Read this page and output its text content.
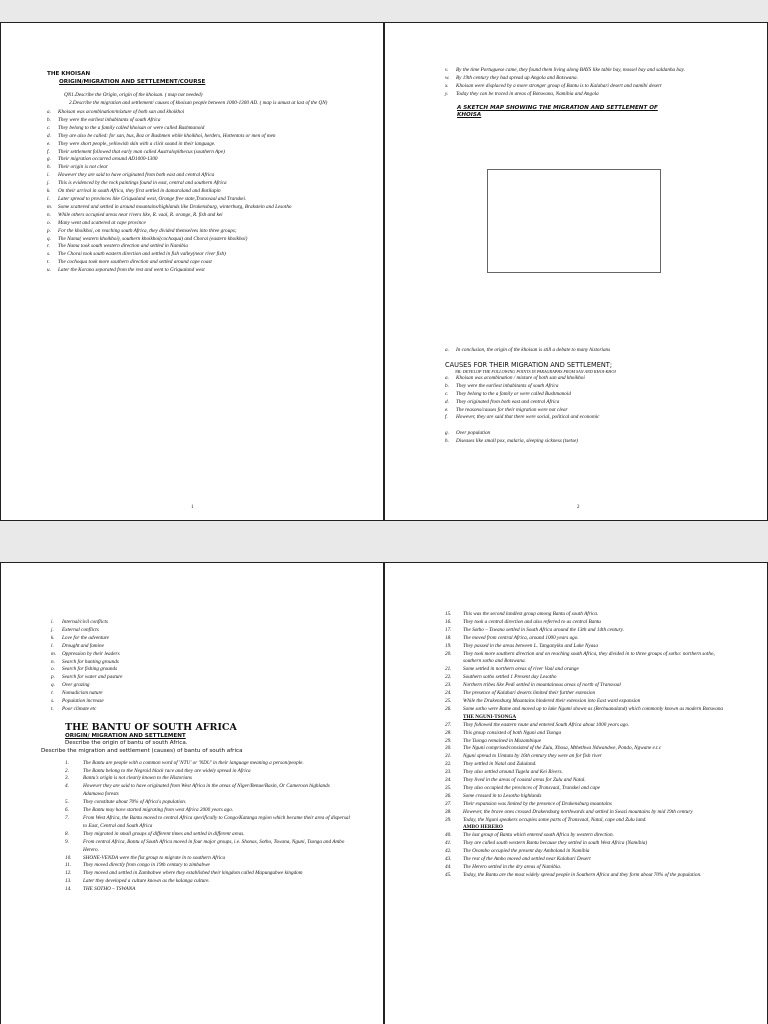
THE KHOISAN
ORIGIN/MIGRATION AND SETTLEMENT/COURSE
QN1.Describe the Origin, origin of the khoisan. ( map not needed)
2.Describe the migration and settlement/ causes of khoisan people between 1000-1300 AD. ( map is amust at last of the QN)
a.	Khoisan was acombination/mixture of both san and khoikhoi
b.	They were the earliest inhabitants of south Africa
c.	They belong to the a family called khoisan or were called Bushmanoid
d.	They are also be called: for san, bus, Boz or Bushmen while khoikhoi, herders, Hottentots or men of men
e.	They were short people, yellowish skin with a click sound in their language.
f.	Their settlement followed that early man called Australopithecus (southern Ape)
g.	Their migration occurred around AD1000-1300
h.	Their origin is not clear
i.	However they are said to have originated from both east and central Africa
j.	This is evidenced by the rock paintings found in east, central and southern Africa
k.	On their arrival in south Africa, they first settled in damaraland and Botilapin
l.	Later spread to provinces like Griqualand west, Orange free state,Transvaal and Transkei.
m.	Some scattered and settled in around mountains/highlands like Drakensburg, winterburg, Brakstein and Lesotho
n.	While others occupied areas near rivers like, R. vaal, R. orange, R. fish and kei
o.	Many went and scattered at cape province
p.	For the khoikhoi, on reaching south Africa, they divided themselves into three groups;
q.	The Nama( western khoikhoi), southern khoikhoi(cochoqua) and Chorai (eastern khoikhoi)
r.	The Nama took south western direction and settled in Namibia
s.	The Chorai took south eastern direction and settled in fish valley(near river fish)
t.	The cochoqua took more southern direction and settled around cape coast
u.	Later the Korana separated from the rest and went to Griqualand west
1
v.	By the time Portuguese came, they found them living along BAYS like table bay, mossel bay and saldanha bay.
w.	By 19th century they had spread up Angola and Botswana.
x.	Khoisan were displaced by a more stronger group of Bantu is to Kalahari desert and namibi desert
y.	Today they can be traced in areas of Botswana, Namibia and Angola
A SKETCH MAP SHOWING THE MIGRATION AND SETTLEMENT OF KHOISA
a.	In conclusion, the origin of the khoisan is still a debate to many historians
CAUSES FOR THEIR MIGRATION AND SETTLEMENT;
NB: DEVELOP THE FOLLOWING POINTS IN PARAGRAPHS FROM SAN AND KHOI-KHOI
a.	Khoisan was acombination / mixture of both san and khoikhoi
b.	They were the earliest inhabitants of south Africa
c.	They belong to the a family or were called Bushmanoid
d.	They originated from both east and central Africa
e.	The reasons/causes for their migration were not clear
f.	However, they are said that there were social, political and economic
g.	Over population
h.	Diseases like small pox, malaria, sleeping sickness (tsetse)
2
i.	Internal/civil conflicts
j.	External conflicts
k.	Love for the adventure
l.	Drought and famine
m.	Oppression by their leaders
n.	Search for hunting grounds
o.	Search for fishing grounds
p.	Search for water and pasture
q.	Over grazing
r.	Nomadicism nature
s.	Population increase
t.	Poor climate etc
THE BANTU OF SOUTH AFRICA
ORIGIN/ MIGRATION AND SETTLEMENT
Describe the origin of bantu of south Africa.
Describe the migration and settlement (causes) of bantu of south africa
1.	The Bantu are people with a common word of 'NTU' or 'NDU' in their language meaning a person/people.
2.	The Bantu belong to the Negroid black race and they are widely spread in Africa
3.	Bantu's origin is not clearly known to the Historians
4.	However they are said to have originated from West Africa in the areas of Niger/Benue/Basin, Or Cameroon highlands Adamawa forests
5.	They constitute about 70% of Africa's population.
6.	The Bantu may have started migrating from west Africa 2000 years ago.
7.	From West Africa, the Bantu moved to central Africa specifically to Congo/Katanga region which became their area of dispersal to East, Central and South Africa
8.	They migrated in small groups of different times and settled in different areas.
9.	From central Africa, Bantu of South Africa moved in four major groups, i.e. Shonas, Sotho, Tswana, Nguni, Tsonga and Ambo Herero.
10.	SHONE-VENDA were the fist group to migrate in to southern Africa
11.	They moved directly from congo in 19th century to zimbabwe
12.	They moved and settled in Zambabwe where they established their kingdom called Mapungubwe kingdom
13.	Later they developed a culture known as the kalanga culture.
14.	THE SOTHO – TSWANA
15.	This was the second landlest group among Bantu of south Africa.
16.	They took a central direction and also referred to as central Bantu
17.	The Sotho – Tswana settled in South Africa around the 13th and 14th century.
18.	The moved from central Africa, around 1000 years ago.
19.	They passed in the areas between L. Tanganyika and Lake Nyasa
20.	They took more southern direction and on reaching south Africa, they divided in to three groups of sotho: northern sotho, southern sotho and Botswana.
21.	Some settled in northern areas of river Vaal and orange
22.	Southern sotho settled 1 Present day Lesotho
23.	Northern tribes like Pedi settled in mountainous areas of north of Transvaal
24.	The presence of Kalahari deserts limited their further extension
25.	While the Drakensburg Mountains hindered their extension into East ward expansion
26.	Some sotho were Bame and moved up to lake Ngami shown as (Bechuanaland) which commonly known as modern Botswana
THE NGUNI-TSONGA
27.	They followed the eastern route and entered South Africa about 1000 years ago.
28.	This group consisted of both Nguni and Tsonga
29.	The Tsonga remained in Mozambique
30.	The Nguni comprised/consisted of the Zulu, Xhosa, Mthethwa Ndwandwe, Pondo, Ngwane e.t.c
31.	Nguni spread to Umtata by 16th century they were an for fish river
32.	They settled in Natal and Zululand.
33.	They also settled around Tugela and Kei Rivers.
34.	They lived in the areas of coastal areas for Zulu and Natal.
35.	They also occupied the provinces of Transvaal, Transkei and cape
36.	Some crossed in to Lesotho highlands
37.	Their expansion was limited by the presence of Drakensburg mountains
38.	However, the brave ones crossed Drakensburg northwards and settled in Swazi mountains by mid 19th century
39.	Today, the Nguni speakers occupies some parts of Transvaal, Natal, cape and Zulu land.
AMBO HERERO
40.	The last group of Bantu which entered south Africa by western direction.
41.	They are called south western Bantu because they settled in south West Africa (Namibia)
42.	The Ovambo occupied the present day Amboland in Namibia
43.	The rest of the Ambo moved and settled near Kalahari Desert
44.	The Herero settled in the dry areas of Namibia.
45.	Today, the Bantu are the most widely spread people in Southern Africa and they form about 70% of the population.
